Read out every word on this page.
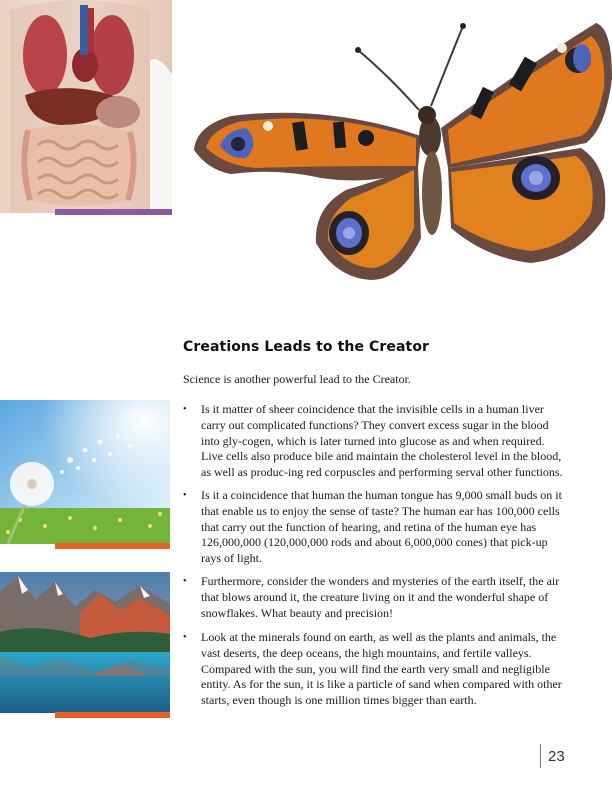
Creations Leads to the Creator
Science is another powerful lead to the Creator.
• Is it matter of sheer coincidence that the invisible cells in a human liver carry out complicated functions? They convert excess sugar in the blood into gly-cogen, which is later turned into glucose as and when required. Live cells also produce bile and maintain the cholesterol level in the blood, as well as produc-ing red corpuscles and performing serval other functions.
• Is it a coincidence that human the human tongue has 9,000 small buds on it that enable us to enjoy the sense of taste? The human ear has 100,000 cells that carry out the function of hearing, and retina of the human eye has 126,000,000 (120,000,000 rods and about 6,000,000 cones) that pick-up rays of light.
• Furthermore, consider the wonders and mysteries of the earth itself, the air that blows around it, the creature living on it and the wonderful shape of snowflakes. What beauty and precision!
• Look at the minerals found on earth, as well as the plants and animals, the vast deserts, the deep oceans, the high mountains, and fertile valleys. Compared with the sun, you will find the earth very small and negligible entity. As for the sun, it is like a particle of sand when compared with other starts, even though is one million times bigger than earth.
23
